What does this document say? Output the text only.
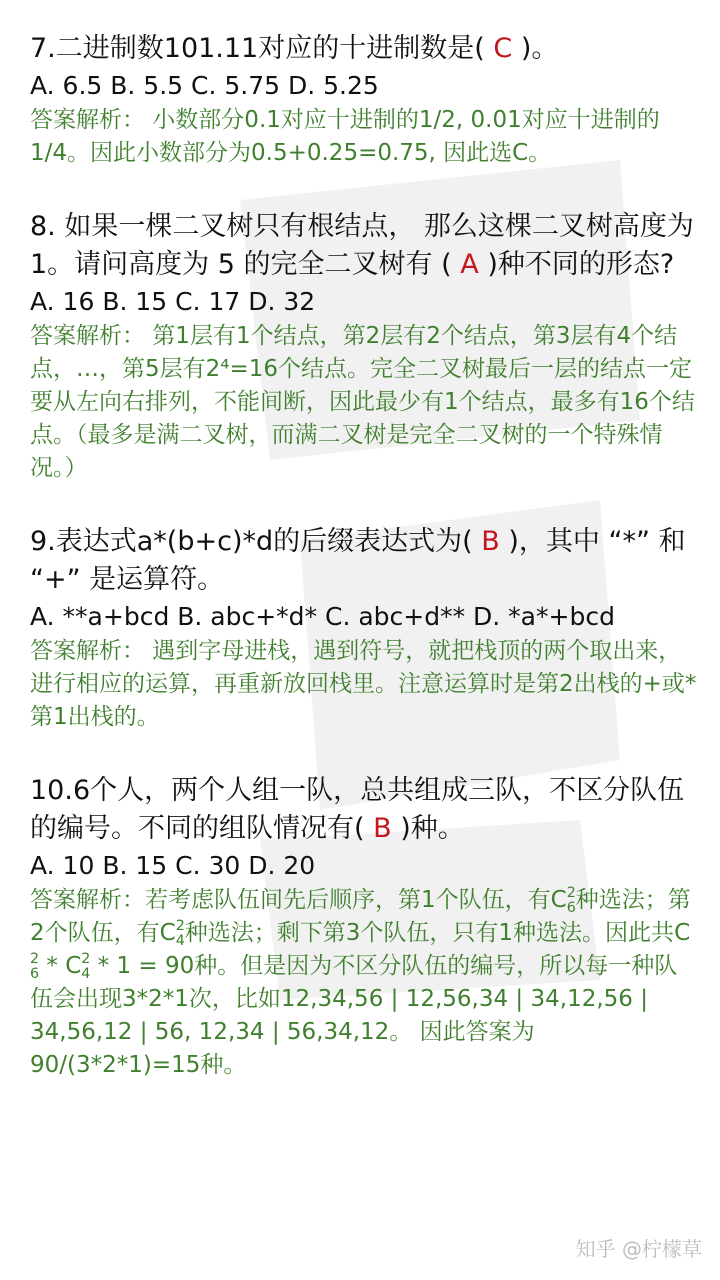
7.二进制数101.11对应的十进制数是( C )。

A. 6.5 B. 5.5 C. 5.75 D. 5.25

答案解析： 小数部分0.1对应十进制的1/2, 0.01对应十进制的1/4。因此小数部分为0.5+0.25=0.75, 因此选C。

8. 如果一棵二叉树只有根结点， 那么这棵二叉树高度为 1。请问高度为 5 的完全二叉树有 ( A )种不同的形态?

A. 16 B. 15 C. 17 D. 32

答案解析： 第1层有1个结点，第2层有2个结点，第3层有4个结点，…，第5层有2⁴=16个结点。完全二叉树最后一层的结点一定要从左向右排列，不能间断，因此最少有1个结点，最多有16个结点。（最多是满二叉树，而满二叉树是完全二叉树的一个特殊情况。）

9.表达式a*(b+c)*d的后缀表达式为( B )，其中 “*” 和 “+” 是运算符。

A. **a+bcd B. abc+*d* C. abc+d** D. *a*+bcd

答案解析： 遇到字母进栈，遇到符号，就把栈顶的两个取出来，进行相应的运算，再重新放回栈里。注意运算时是第2出栈的+或*第1出栈的。

10.6个人，两个人组一队，总共组成三队，不区分队伍的编号。不同的组队情况有( B )种。

A. 10 B. 15 C. 30 D. 20

答案解析：若考虑队伍间先后顺序，第1个队伍，有C 2
6 种选法；第2个队伍，有C 2
4 种选法；剩下第3个队伍，只有1种选法。因此共C
2
6 * C 2
4 * 1 = 90种。但是因为不区分队伍的编号，所以每一种队伍会出现3*2*1次，比如12,34,56 | 12,56,34 | 34,12,56 | 34,56,12 | 56, 12,34 | 56,34,12。 因此答案为90/(3*2*1)=15种。

知乎 @柠檬草
